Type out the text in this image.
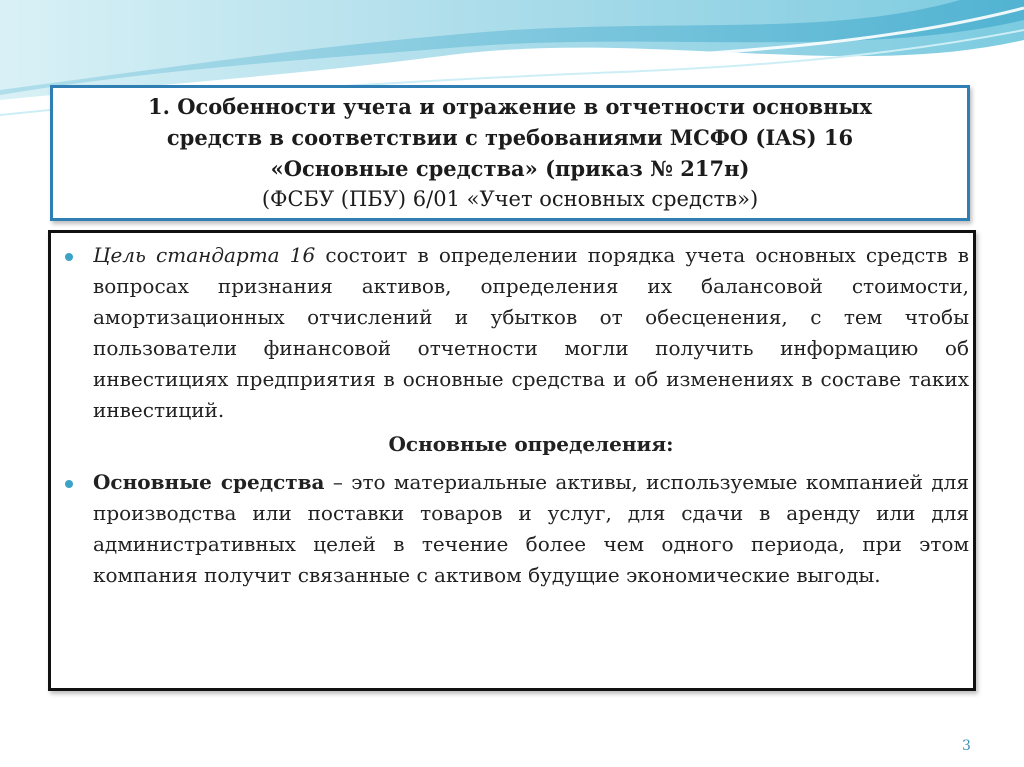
1. Особенности учета и отражение в отчетности основных
средств в соответствии с требованиями МСФО (IAS) 16
«Основные средства» (приказ № 217н)
(ФСБУ (ПБУ) 6/01 «Учет основных средств»)

Цель стандарта 16 состоит в определении порядка учета основных средств в вопросах признания активов, определения их балансовой стоимости, амортизационных отчислений и убытков от обесценения, с тем чтобы пользователи финансовой отчетности могли получить информацию об инвестициях предприятия в основные средства и об изменениях в составе таких инвестиций.

Основные определения:

Основные средства – это материальные активы, используемые компанией для производства или поставки товаров и услуг, для сдачи в аренду или для административных целей в течение более чем одного периода, при этом компания получит связанные с активом будущие экономические выгоды.

3
